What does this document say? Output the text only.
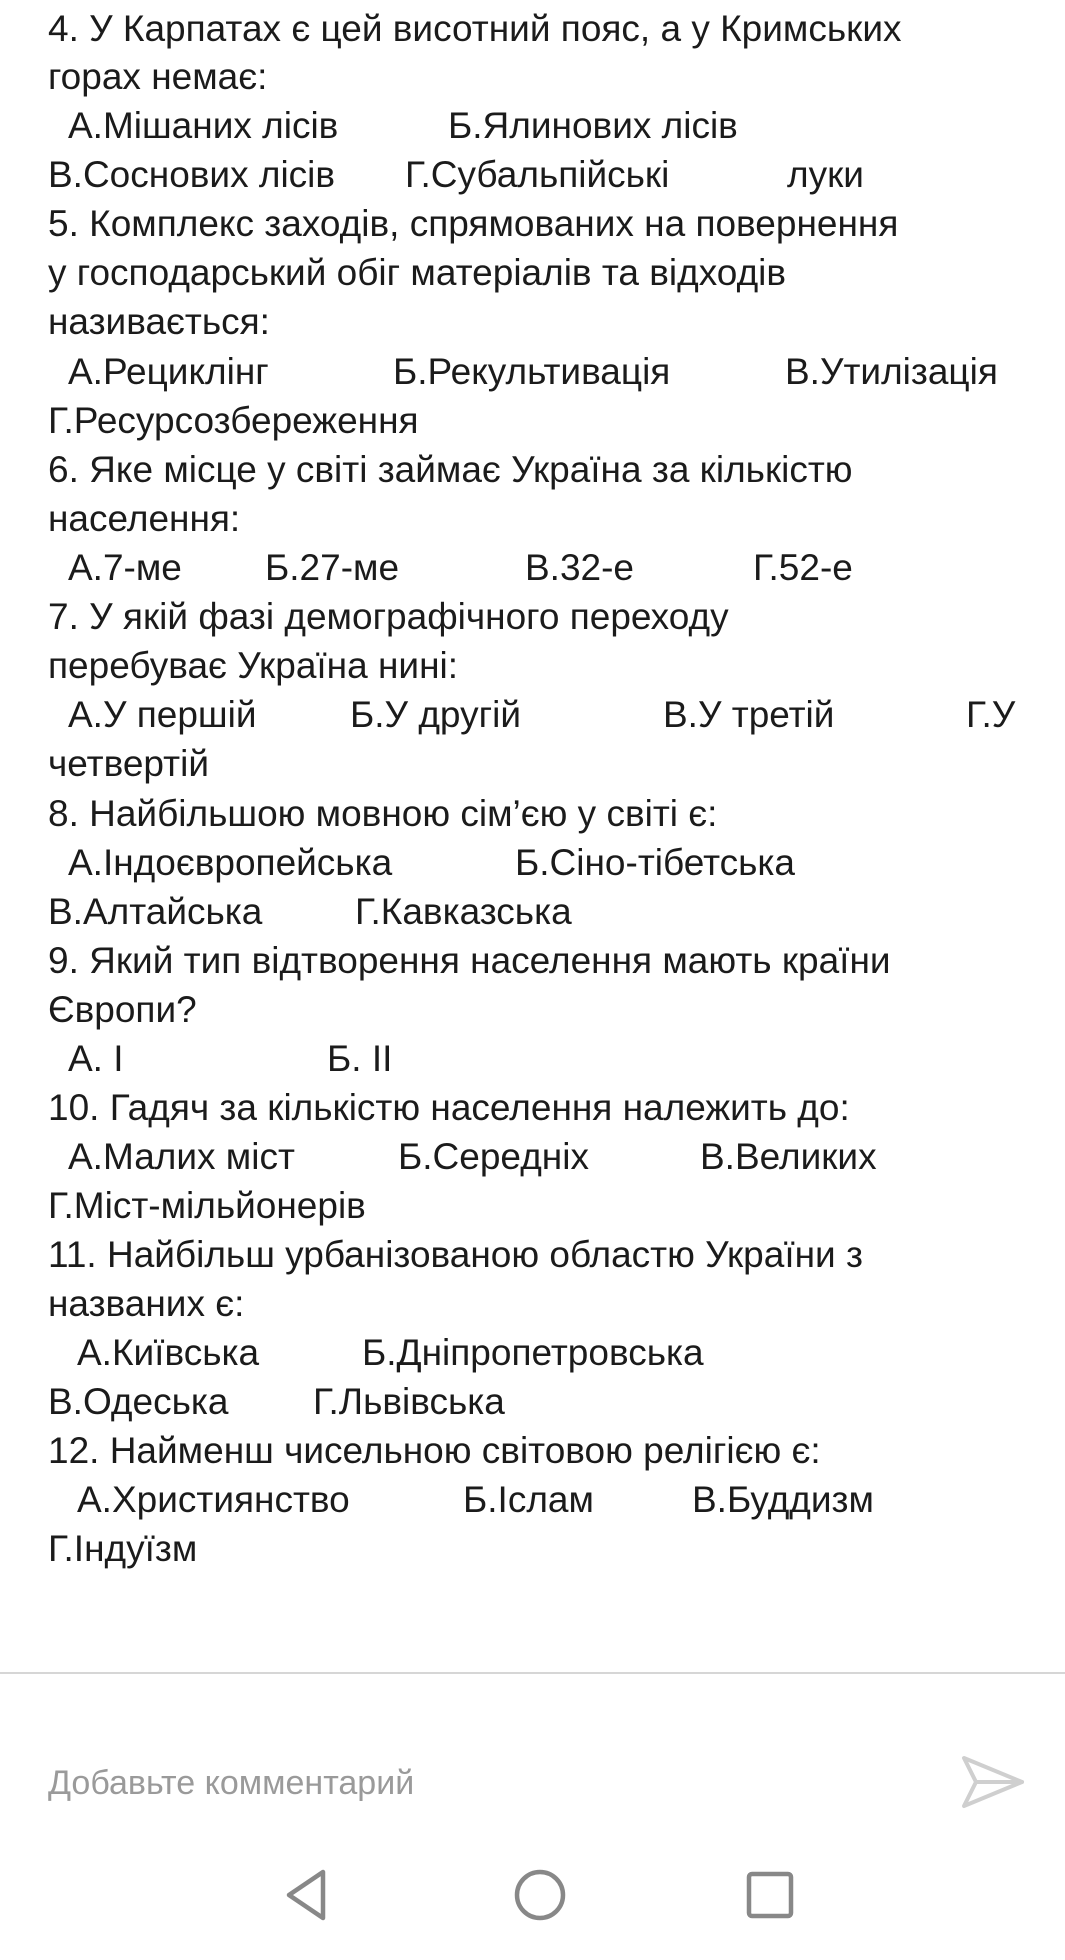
4. У Карпатах є цей висотний пояс, а у Кримських
горах немає:
А.Мішаних лісів	Б.Ялинових лісів
В.Соснових лісів Г.Субальпійські	луки
5. Комплекс заходів, спрямованих на повернення
у господарський обіг матеріалів та відходів
називається:
А.Рециклінг	Б.Рекультивація	В.Утилізація
Г.Ресурсозбереження
6. Яке місце у світі займає Україна за кількістю
населення:
А.7-ме Б.27-ме	В.32-е	Г.52-е
7. У якій фазі демографічного переходу
перебуває Україна нині:
А.У першій	Б.У другій	В.У третій	Г.У
четвертій
8. Найбільшою мовною сім’єю у світі є:
А.Індоєвропейська	Б.Сіно-тібетська
В.Алтайська	Г.Кавказська
9. Який тип відтворення населення мають країни
Європи?
А. І	Б. ІІ
10. Гадяч за кількістю населення належить до:
А.Малих міст	Б.Середніх	В.Великих
Г.Міст-мільйонерів
11. Найбільш урбанізованою областю України з
названих є:
А.Київська	Б.Дніпропетровська
В.Одеська Г.Львівська
12. Найменш чисельною світовою релігією є:
А.Християнство	Б.Іслам	В.Буддизм
Г.Індуїзм
Добавьте комментарий
